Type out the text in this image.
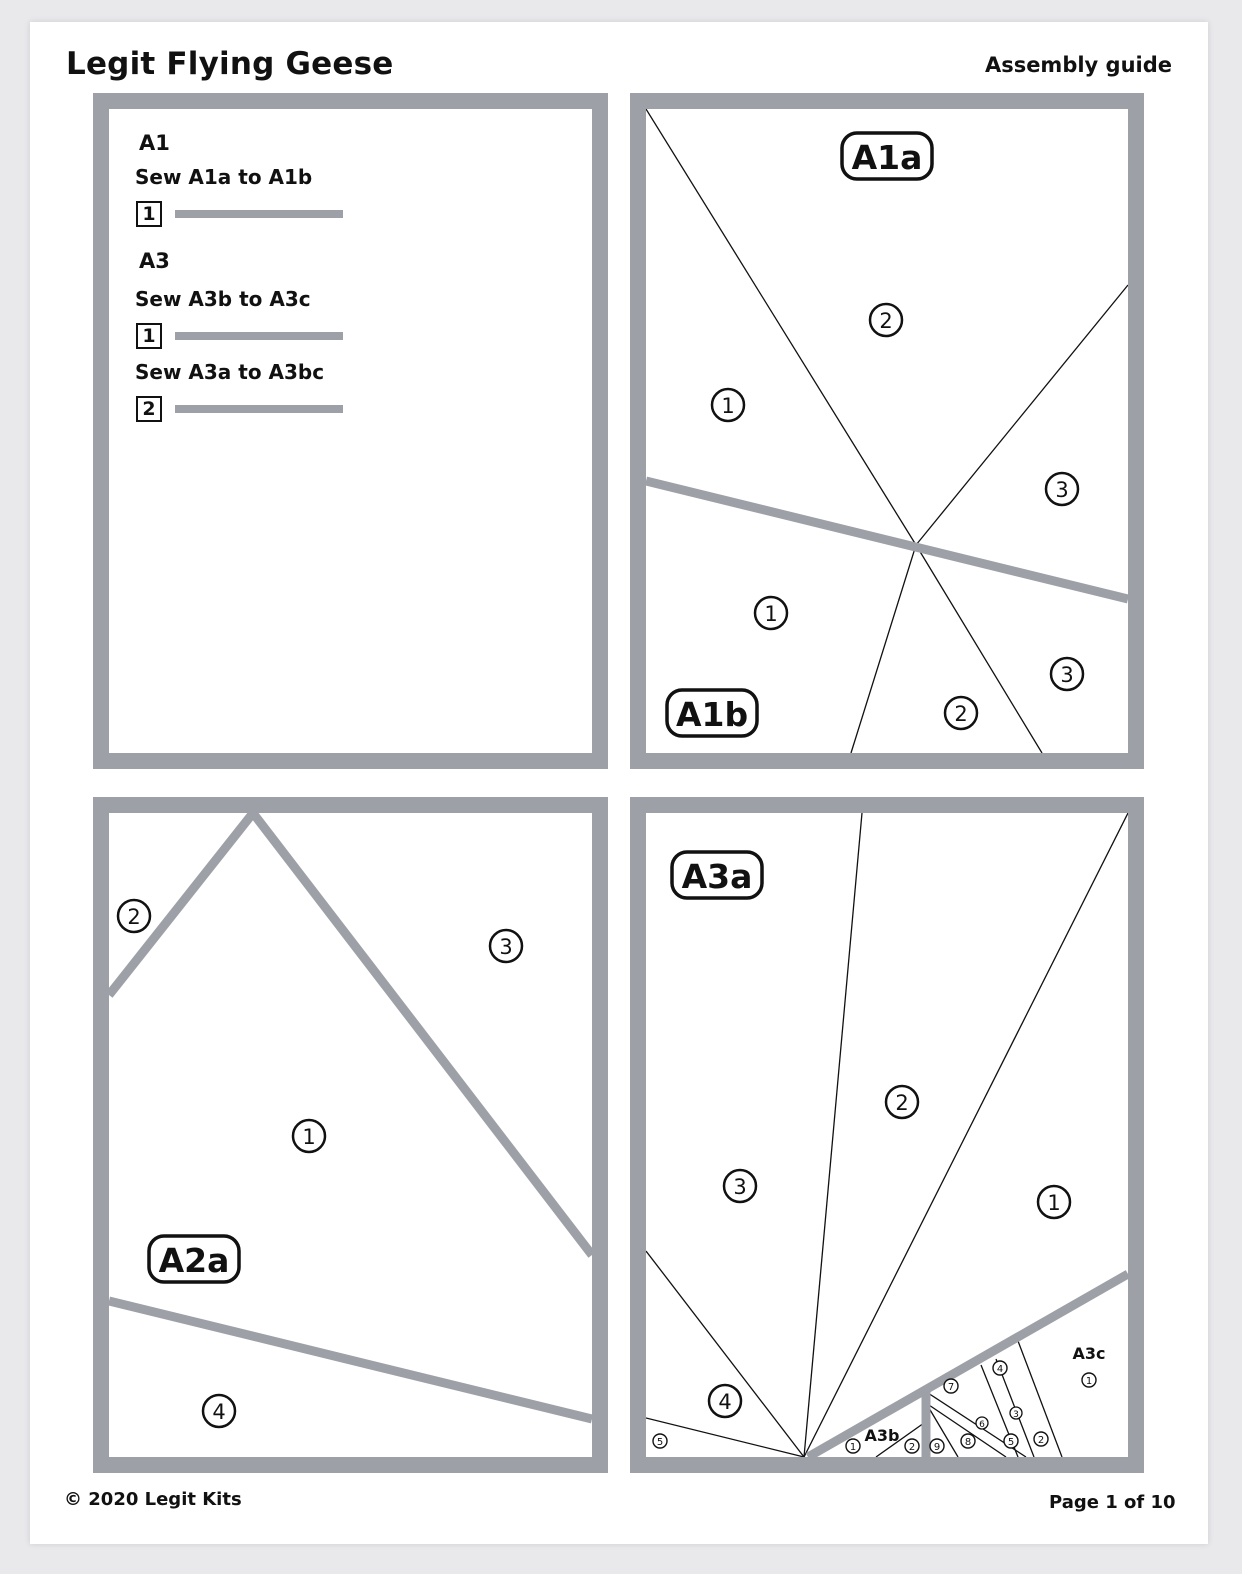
Legit Flying Geese	Assembly guide
A1
Sew A1a to A1b
1
A3
Sew A3b to A3c
1
Sew A3a to A3bc
2
A1a
A1b
1
2
3
1
2
3
A2a
2
3
1
4
A3a
A3b
A3c
3
2
1
4
5	1	2
1
7
4
6
3
9 8	5 2
© 2020 Legit Kits	Page 1 of 10
